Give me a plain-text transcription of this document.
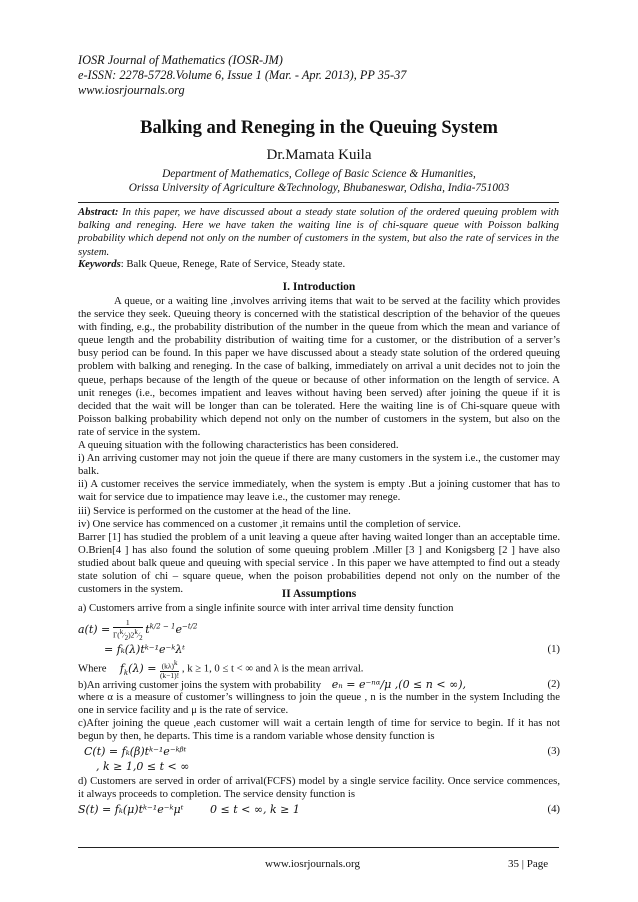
IOSR Journal of Mathematics (IOSR-JM)
e-ISSN: 2278-5728.Volume 6, Issue 1 (Mar. - Apr. 2013), PP 35-37
www.iosrjournals.org
Balking and Reneging in the Queuing System
Dr.Mamata Kuila
Department of Mathematics, College of Basic Science & Humanities,
Orissa University of Agriculture &Technology, Bhubaneswar, Odisha, India-751003
Abstract: In this paper, we have discussed about a steady state solution of the ordered queuing problem with balking and reneging. Here we have taken the waiting line is of chi-square queue with Poisson balking probability which depend not only on the number of customers in the system, but also the rate of services in the system.
Keywords: Balk Queue, Renege, Rate of Service, Steady state.
I. Introduction

A queue, or a waiting line ,involves arriving items that wait to be served at the facility which provides the service they seek. Queuing theory is concerned with the statistical description of the behavior of the queues with finding, e.g., the probability distribution of the number in the queue from which the mean and variance of queue length and the probability distribution of waiting time for a customer, or the distribution of a server’s busy period can be found. In this paper we have discussed about a steady state solution of the ordered queuing problem with balking and reneging. In the case of balking, immediately on arrival a unit decides not to join the queue, perhaps because of the length of the queue or because of other information on the length of service. A unit reneges (i.e., becomes impatient and leaves without having been served) after joining the queue if it is decided that the wait will be longer than can be tolerated. Here the waiting line is of Chi-square queue with Poisson balking probability which depend not only on the number of customers in the system, but also on the rate of service in the system.

A queuing situation with the following characteristics has been considered.

i) An arriving customer may not join the queue if there are many customers in the system i.e., the customer may balk.

ii) A customer receives the service immediately, when the system is empty .But a joining customer that has to wait for service due to impatience may leave i.e., the customer may renege.

iii) Service is performed on the customer at the head of the line.

iv) One service has commenced on a customer ,it remains until the completion of service.

Barrer [1] has studied the problem of a unit leaving a queue after having waited longer than an acceptable time. O.Brien[4 ] has also found the solution of some queuing problem .Miller [3 ] and Konigsberg [2 ] have also studied about balk queue and queuing with special service . In this paper we have attempted to find out a steady state solution of chi – square queue, when the poison probabilities depend not only on the number of the customers in the system.	II Assumptions
a) Customers arrive from a single infinite source with inter arrival time density function
$a(t) = \frac{1}{\Gamma(^k⁄_2)2^k⁄_2} t^{k/2 - 1}e^{-t/2}$
= fₖ(λ)tᵏ⁻¹e⁻ᵏλᵗ	(1)
Where $f_k(\lambda) = \frac{(k\lambda)^k}{(k-1)!}$ , k ≥ 1, 0 ≤ t < ∞ and λ is the mean arrival.
b)An arriving customer joins the system with probability eₙ = e⁻ⁿᵅ/μ ,(0 ≤ n < ∞),	(2)
where α is a measure of customer’s willingness to join the queue , n is the number in the system Including the one in service facility and μ is the rate of service.
c)After joining the queue ,each customer will wait a certain length of time for service to begin. If it has not begun by then, he departs. This time is a random variable whose density function is
C(t) = fₖ(β)tᵏ⁻¹e⁻ᵏᵝᵗ	(3)
, k ≥ 1,0 ≤ t < ∞
d) Customers are served in order of arrival(FCFS) model by a single service facility. Once service commences, it always proceeds to completion. The service density function is
S(t) = fₖ(μ)tᵏ⁻¹e⁻ᵏμᵗ 0 ≤ t < ∞, k ≥ 1	(4)
www.iosrjournals.org	35 | Page
